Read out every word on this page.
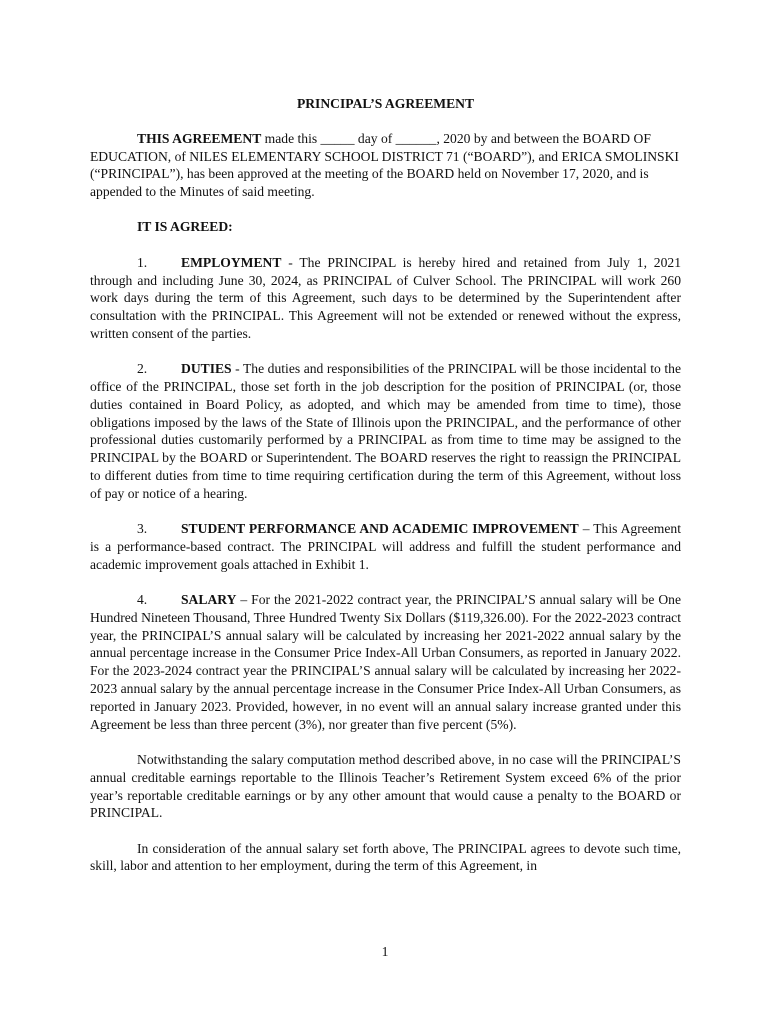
PRINCIPAL’S AGREEMENT

THIS AGREEMENT made this _____ day of ______, 2020 by and between the BOARD OF EDUCATION, of NILES ELEMENTARY SCHOOL DISTRICT 71 (“BOARD”), and ERICA SMOLINSKI (“PRINCIPAL”), has been approved at the meeting of the BOARD held on November 17, 2020, and is appended to the Minutes of said meeting.

IT IS AGREED:

1. EMPLOYMENT - The PRINCIPAL is hereby hired and retained from July 1, 2021 through and including June 30, 2024, as PRINCIPAL of Culver School. The PRINCIPAL will work 260 work days during the term of this Agreement, such days to be determined by the Superintendent after consultation with the PRINCIPAL. This Agreement will not be extended or renewed without the express, written consent of the parties.

2. DUTIES - The duties and responsibilities of the PRINCIPAL will be those incidental to the office of the PRINCIPAL, those set forth in the job description for the position of PRINCIPAL (or, those duties contained in Board Policy, as adopted, and which may be amended from time to time), those obligations imposed by the laws of the State of Illinois upon the PRINCIPAL, and the performance of other professional duties customarily performed by a PRINCIPAL as from time to time may be assigned to the PRINCIPAL by the BOARD or Superintendent. The BOARD reserves the right to reassign the PRINCIPAL to different duties from time to time requiring certification during the term of this Agreement, without loss of pay or notice of a hearing.

3. STUDENT PERFORMANCE AND ACADEMIC IMPROVEMENT – This Agreement is a performance-based contract. The PRINCIPAL will address and fulfill the student performance and academic improvement goals attached in Exhibit 1.

4. SALARY – For the 2021-2022 contract year, the PRINCIPAL’S annual salary will be One Hundred Nineteen Thousand, Three Hundred Twenty Six Dollars ($119,326.00). For the 2022-2023 contract year, the PRINCIPAL’S annual salary will be calculated by increasing her 2021-2022 annual salary by the annual percentage increase in the Consumer Price Index-All Urban Consumers, as reported in January 2022. For the 2023-2024 contract year the PRINCIPAL’S annual salary will be calculated by increasing her 2022-2023 annual salary by the annual percentage increase in the Consumer Price Index-All Urban Consumers, as reported in January 2023. Provided, however, in no event will an annual salary increase granted under this Agreement be less than three percent (3%), nor greater than five percent (5%).

Notwithstanding the salary computation method described above, in no case will the PRINCIPAL’S annual creditable earnings reportable to the Illinois Teacher’s Retirement System exceed 6% of the prior year’s reportable creditable earnings or by any other amount that would cause a penalty to the BOARD or PRINCIPAL.

In consideration of the annual salary set forth above, The PRINCIPAL agrees to devote such time, skill, labor and attention to her employment, during the term of this Agreement, in

1
